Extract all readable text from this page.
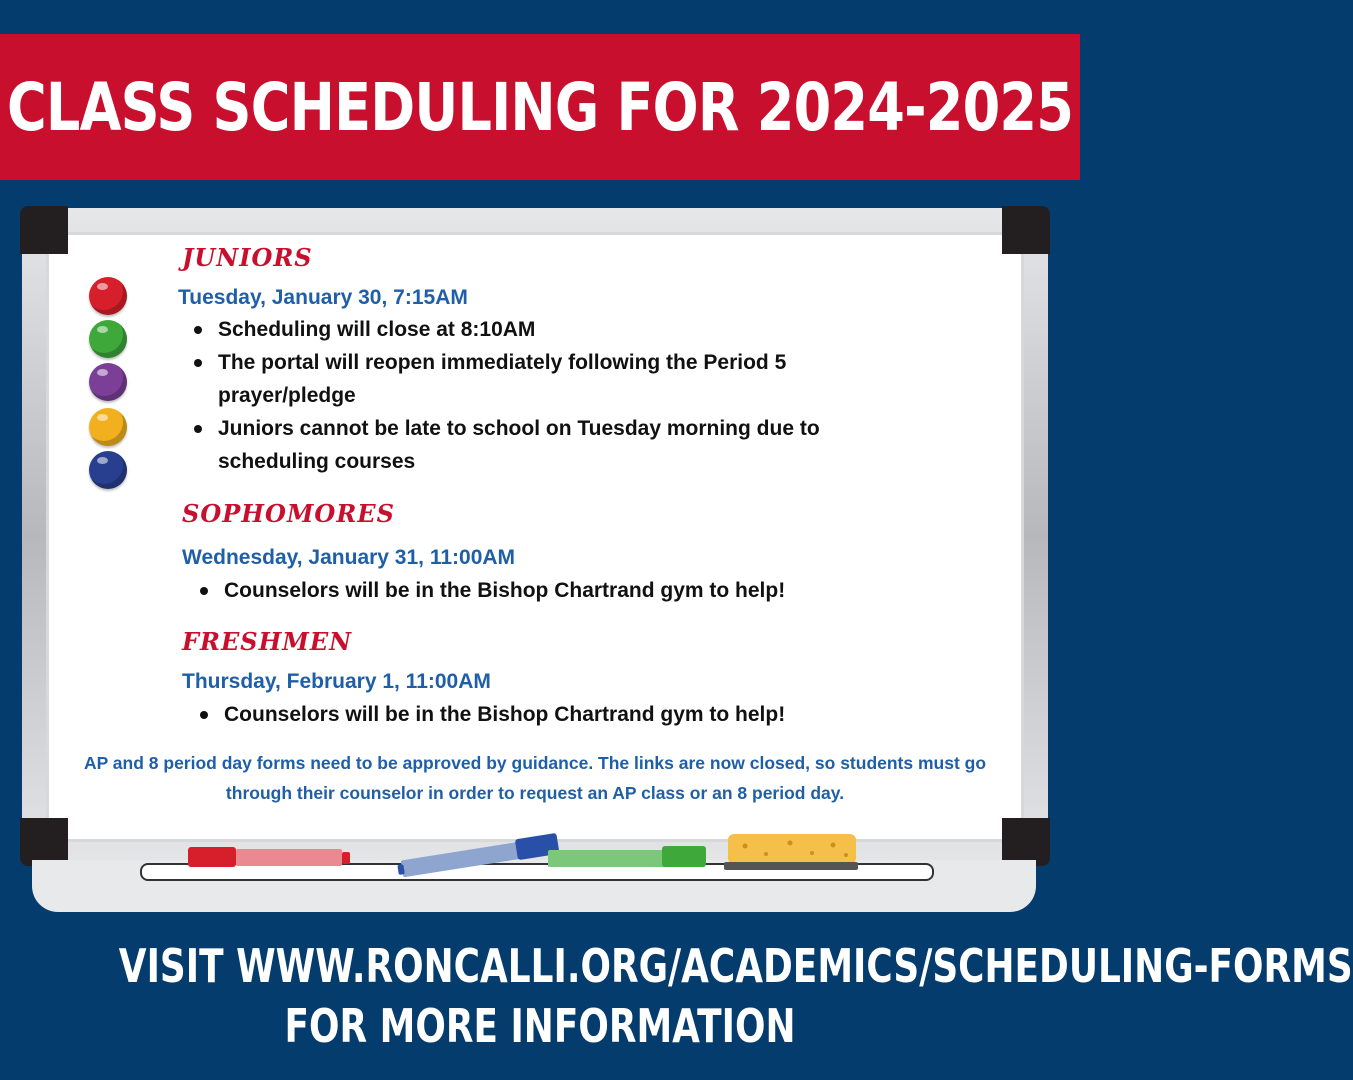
CLASS SCHEDULING FOR 2024-2025
JUNIORS

Tuesday, January 30, 7:15AM

Scheduling will close at 8:10AM
The portal will reopen immediately following the Period 5 prayer/pledge
Juniors cannot be late to school on Tuesday morning due to scheduling courses
SOPHOMORES

Wednesday, January 31, 11:00AM

Counselors will be in the Bishop Chartrand gym to help!
FRESHMEN

Thursday, February 1, 11:00AM

Counselors will be in the Bishop Chartrand gym to help!

AP and 8 period day forms need to be approved by guidance. The links are now closed, so students must go through their counselor in order to request an AP class or an 8 period day.

VISIT WWW.RONCALLI.ORG/ACADEMICS/SCHEDULING-FORMS
FOR MORE INFORMATION
